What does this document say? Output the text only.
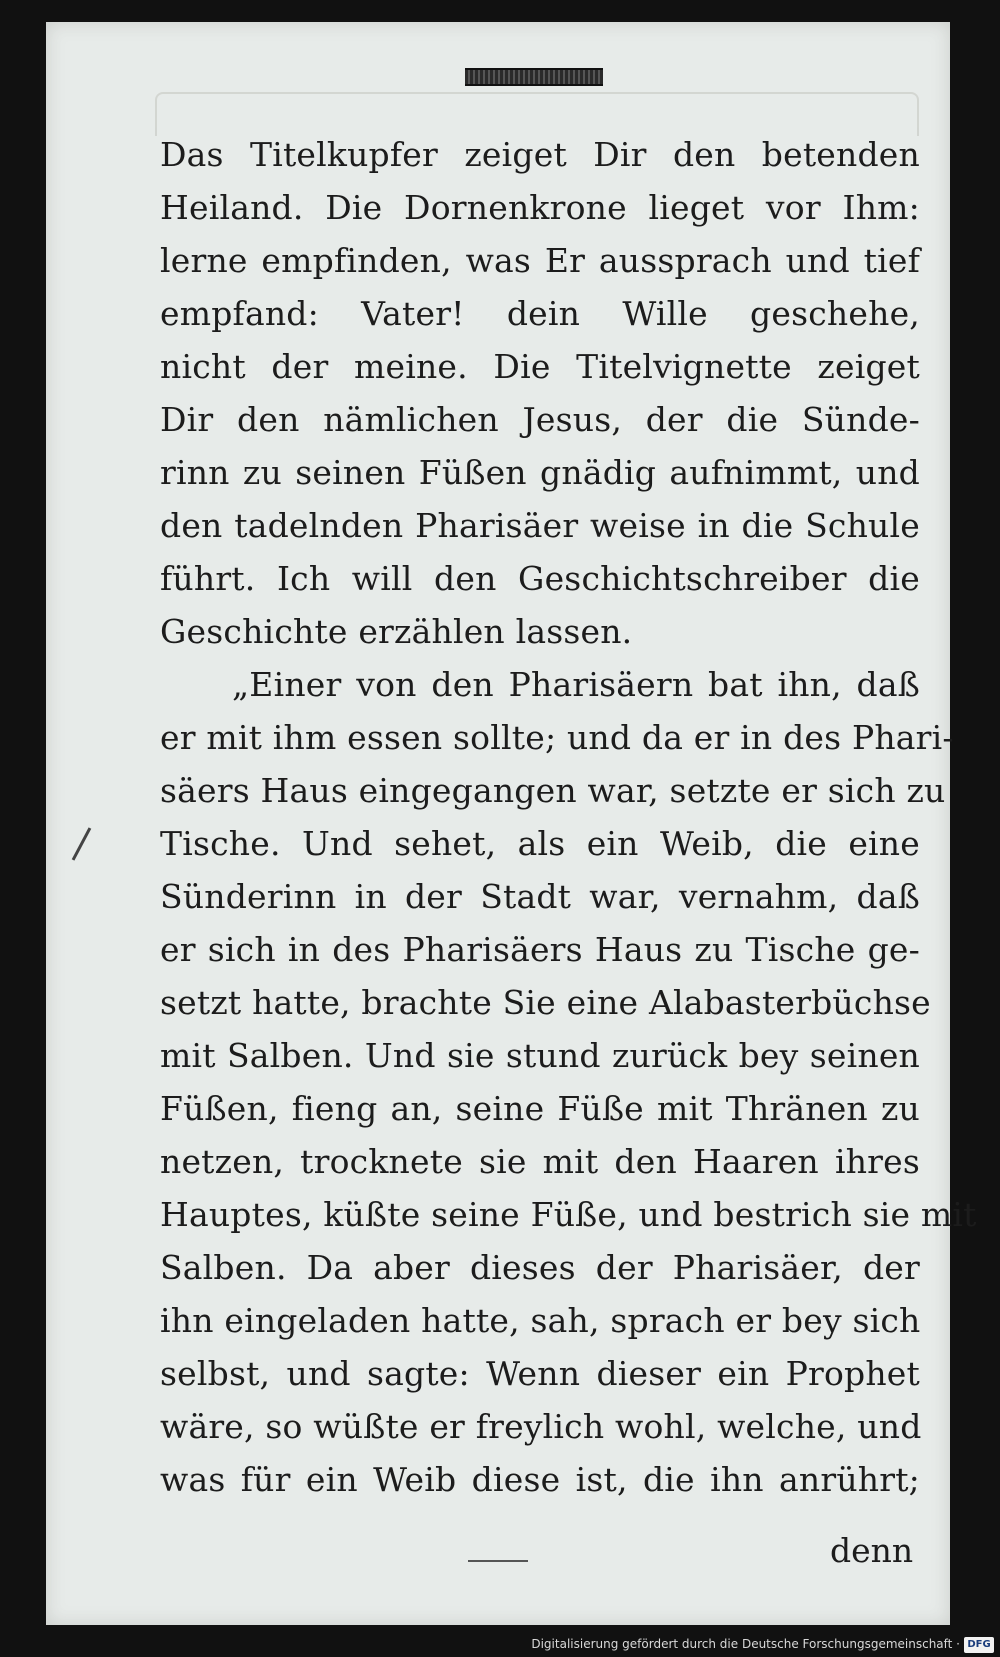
Das Titelkupfer zeiget Dir den betenden
Heiland. Die Dornenkrone lieget vor Ihm:
lerne empfinden, was Er aussprach und tief
empfand: Vater! dein Wille geschehe,
nicht der meine. Die Titelvignette zeiget
Dir den nämlichen Jesus, der die Sünde-
rinn zu seinen Füßen gnädig aufnimmt, und
den tadelnden Pharisäer weise in die Schule
führt. Ich will den Geschichtschreiber die
Geschichte erzählen lassen.
„Einer von den Pharisäern bat ihn, daß
er mit ihm essen sollte; und da er in des Phari-
säers Haus eingegangen war, setzte er sich zu
Tische. Und sehet, als ein Weib, die eine
Sünderinn in der Stadt war, vernahm, daß
er sich in des Pharisäers Haus zu Tische ge-
setzt hatte, brachte Sie eine Alabasterbüchse
mit Salben. Und sie stund zurück bey seinen
Füßen, fieng an, seine Füße mit Thränen zu
netzen, trocknete sie mit den Haaren ihres
Hauptes, küßte seine Füße, und bestrich sie mit
Salben. Da aber dieses der Pharisäer, der
ihn eingeladen hatte, sah, sprach er bey sich
selbst, und sagte: Wenn dieser ein Prophet
wäre, so wüßte er freylich wohl, welche, und
was für ein Weib diese ist, die ihn anrührt;
denn
Digitalisierung gefördert durch die Deutsche Forschungsgemeinschaft · DFG
